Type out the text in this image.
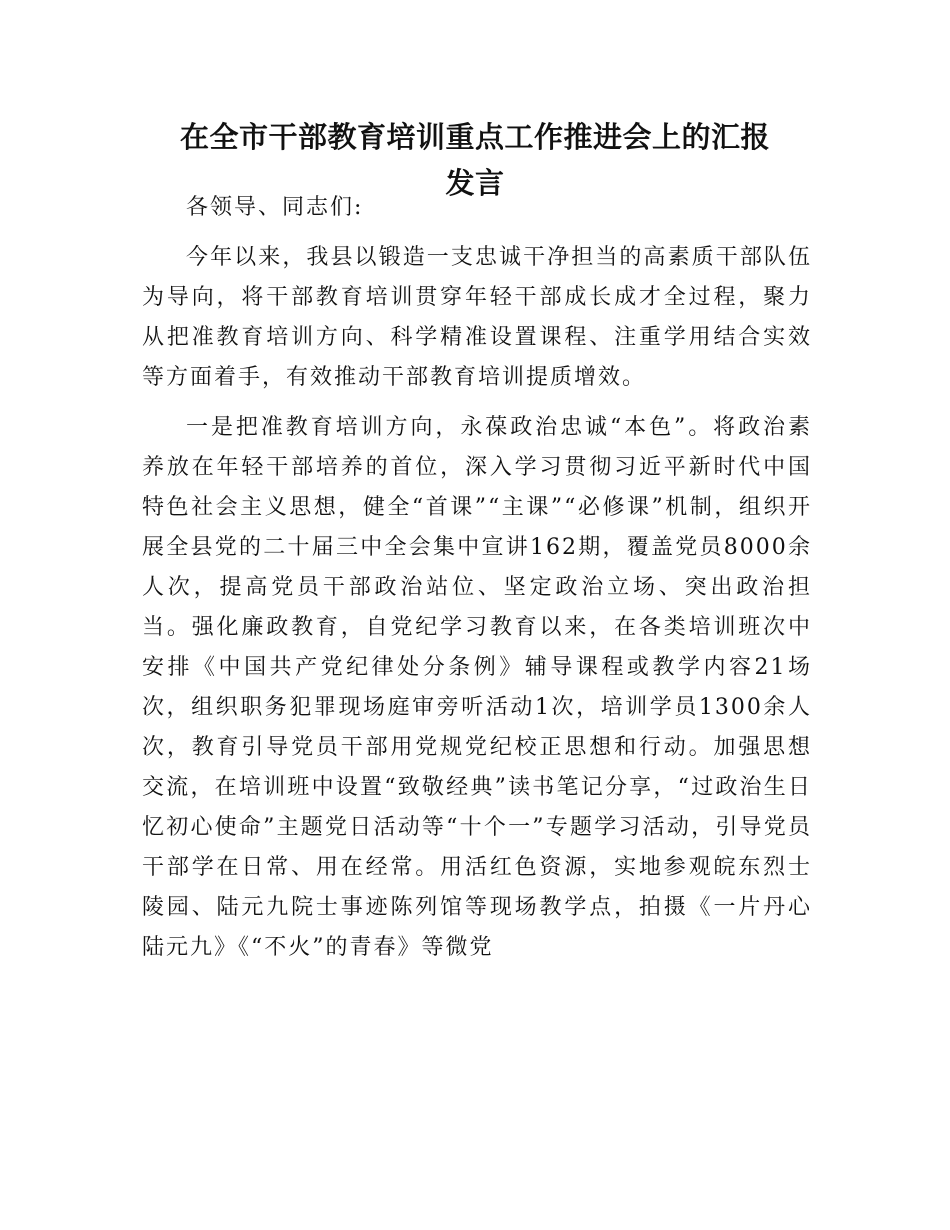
在全市干部教育培训重点工作推进会上的汇报
发言

各领导、同志们:

今年以来，我县以锻造一支忠诚干净担当的高素质干部队伍为导向，将干部教育培训贯穿年轻干部成长成才全过程，聚力从把准教育培训方向、科学精准设置课程、注重学用结合实效等方面着手，有效推动干部教育培训提质增效。

一是把准教育培训方向，永葆政治忠诚“本色”。将政治素养放在年轻干部培养的首位，深入学习贯彻习近平新时代中国特色社会主义思想，健全“首课”“主课”“必修课”机制，组织开展全县党的二十届三中全会集中宣讲162期，覆盖党员8000余人次，提高党员干部政治站位、坚定政治立场、突出政治担当。强化廉政教育，自党纪学习教育以来，在各类培训班次中安排《中国共产党纪律处分条例》辅导课程或教学内容21场次，组织职务犯罪现场庭审旁听活动1次，培训学员1300余人次，教育引导党员干部用党规党纪校正思想和行动。加强思想交流，在培训班中设置“致敬经典”读书笔记分享，“过政治生日忆初心使命”主题党日活动等“十个一”专题学习活动，引导党员干部学在日常、用在经常。用活红色资源，实地参观皖东烈士陵园、陆元九院士事迹陈列馆等现场教学点，拍摄《一片丹心陆元九》《“不火”的青春》等微党
